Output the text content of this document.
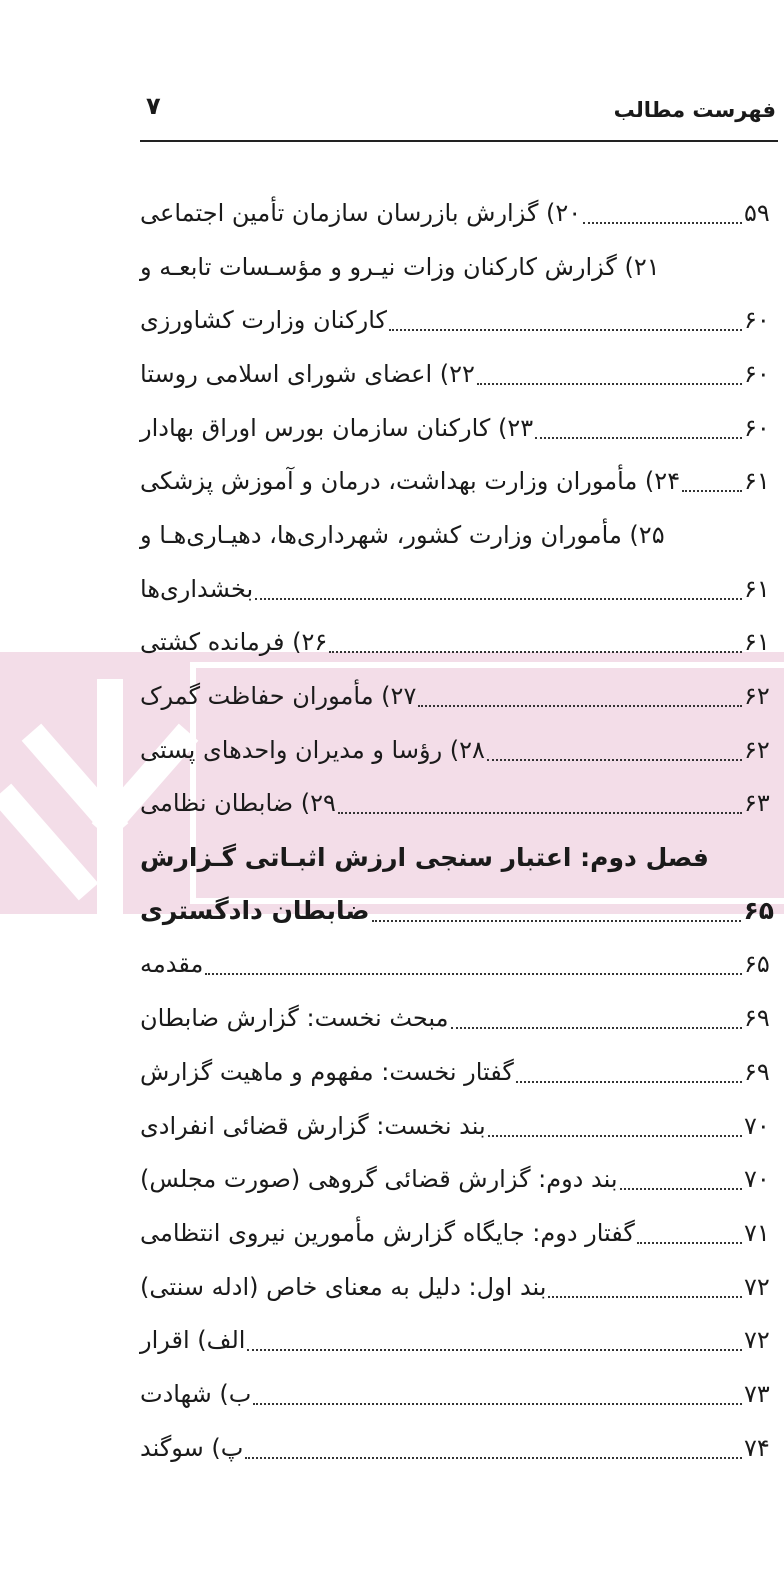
فهرست مطالب
۷
۲۰) گزارش بازرسان سازمان تأمین اجتماعی	۵۹
۲۱) گزارش کارکنان وزات نیـرو و مؤسـسات تابعـه و
کارکنان وزارت کشاورزی	۶۰
۲۲) اعضای شورای اسلامی روستا	۶۰
۲۳) کارکنان سازمان بورس اوراق بهادار	۶۰
۲۴) مأموران وزارت بهداشت، درمان و آموزش پزشکی	۶۱
۲۵) مأموران وزارت کشور، شهرداری‌ها، دهیـاری‌هـا و
بخشداری‌ها	۶۱
۲۶) فرمانده کشتی	۶۱
۲۷) مأموران حفاظت گمرک	۶۲
۲۸) رؤسا و مدیران واحدهای پستی	۶۲
۲۹) ضابطان نظامی	۶۳
فصل دوم: اعتبار سنجی ارزش اثبـاتی گـزارش
ضابطان دادگستری	۶۵
مقدمه	۶۵
مبحث نخست: گزارش ضابطان	۶۹
گفتار نخست: مفهوم و ماهیت گزارش	۶۹
بند نخست: گزارش قضائی انفرادی	۷۰
بند دوم: گزارش قضائی گروهی (صورت مجلس)	۷۰
گفتار دوم: جایگاه گزارش مأمورین نیروی انتظامی	۷۱
بند اول: دلیل به معنای خاص (ادله سنتی)	۷۲
الف) اقرار	۷۲
ب) شهادت	۷۳
پ) سوگند	۷۴
